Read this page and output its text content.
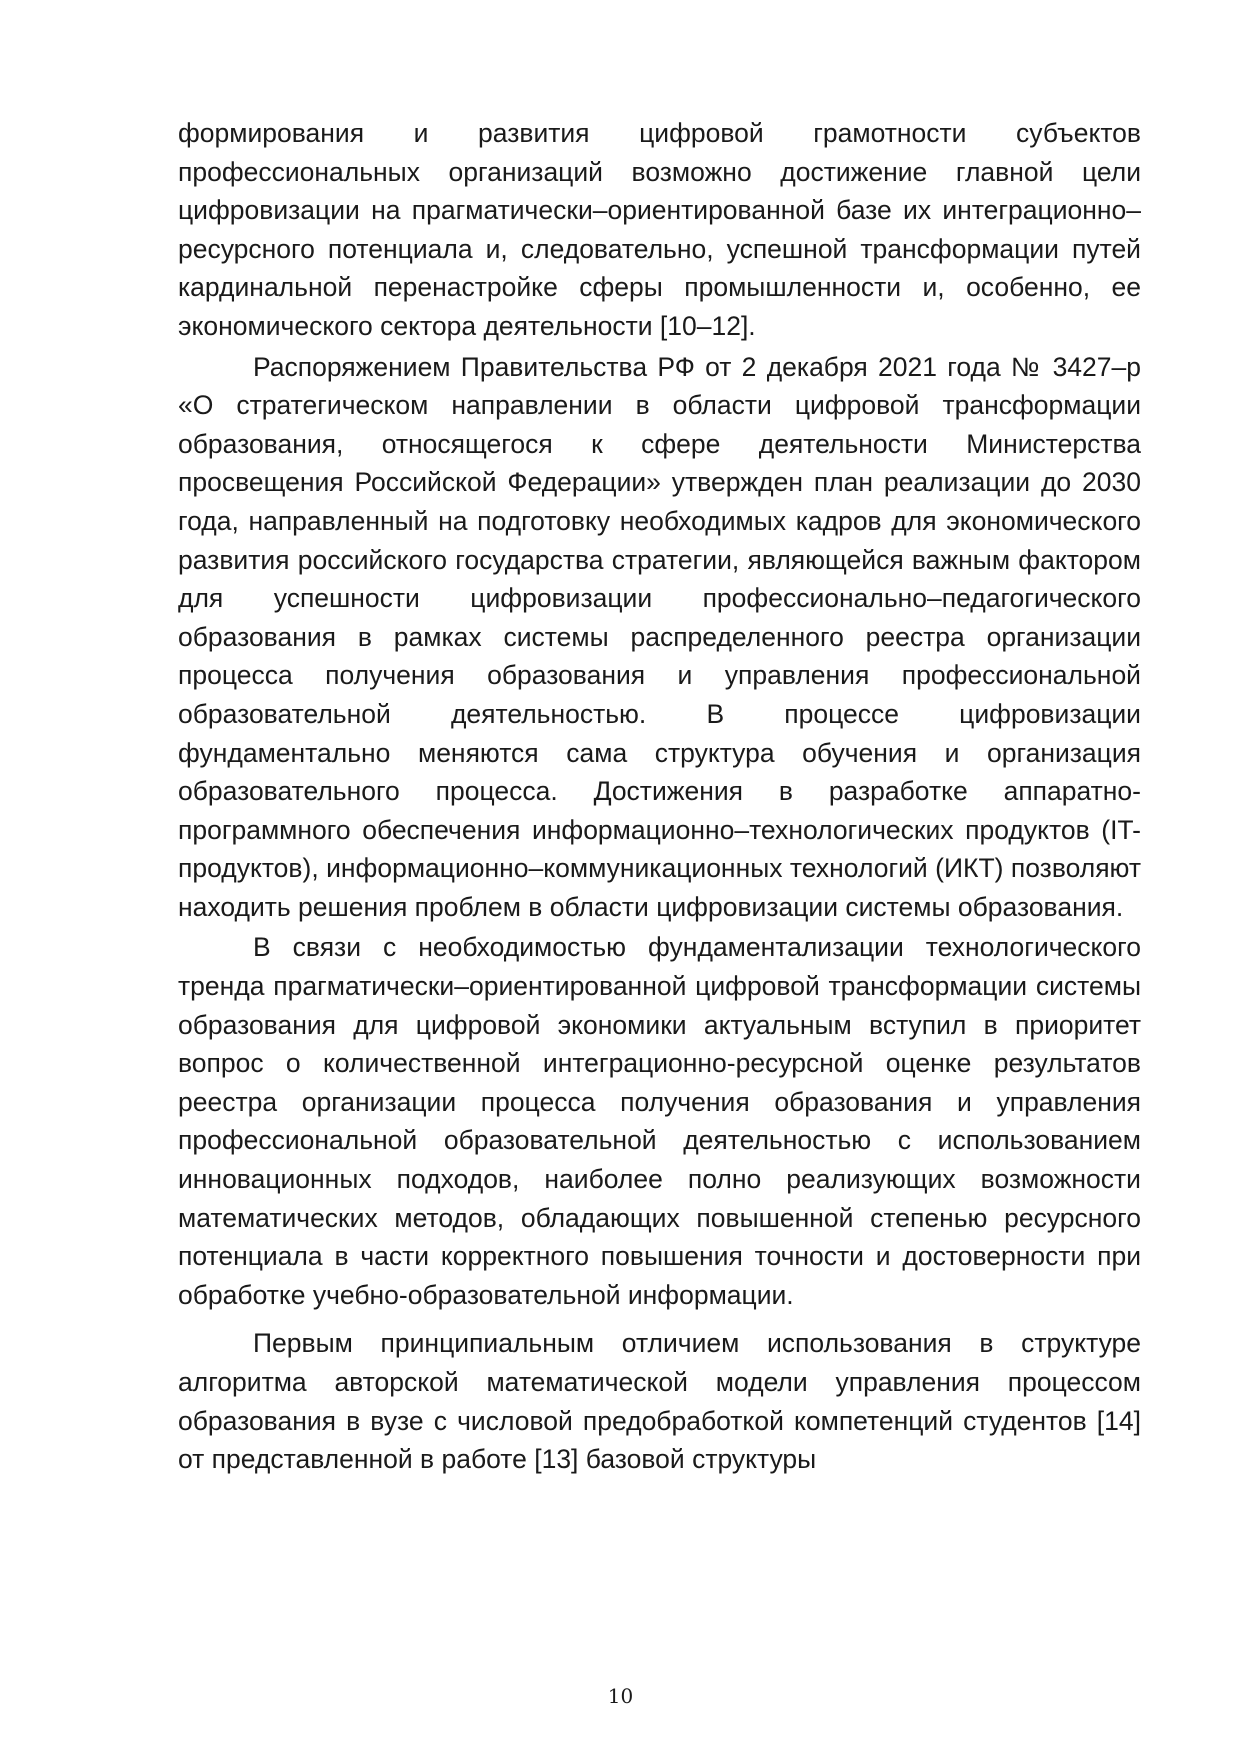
формирования и развития цифровой грамотности субъектов профессиональных организаций возможно достижение главной цели цифровизации на прагматически–ориентированной базе их интеграционно–ресурсного потенциала и, следовательно, успешной трансформации путей кардинальной перенастройке сферы промышленности и, особенно, ее экономического сектора деятельности [10–12].

Распоряжением Правительства РФ от 2 декабря 2021 года № 3427–р «О стратегическом направлении в области цифровой трансформации образования, относящегося к сфере деятельности Министерства просвещения Российской Федерации» утвержден план реализации до 2030 года, направленный на подготовку необходимых кадров для экономического развития российского государства стратегии, являющейся важным фактором для успешности цифровизации профессионально–педагогического образования в рамках системы распределенного реестра организации процесса получения образования и управления профессиональной образовательной деятельностью. В процессе цифровизации фундаментально меняются сама структура обучения и организация образовательного процесса. Достижения в разработке аппаратно-программного обеспечения информационно–технологических продуктов (IT-продуктов), информационно–коммуникационных технологий (ИКТ) позволяют находить решения проблем в области цифровизации системы образования.

В связи с необходимостью фундаментализации технологического тренда прагматически–ориентированной цифровой трансформации системы образования для цифровой экономики актуальным вступил в приоритет вопрос о количественной интеграционно-ресурсной оценке результатов реестра организации процесса получения образования и управления профессиональной образовательной деятельностью с использованием инновационных подходов, наиболее полно реализующих возможности математических методов, обладающих повышенной степенью ресурсного потенциала в части корректного повышения точности и достоверности при обработке учебно-образовательной информации.

Первым принципиальным отличием использования в структуре алгоритма авторской математической модели управления процессом образования в вузе с числовой предобработкой компетенций студентов [14] от представленной в работе [13] базовой структуры

10
